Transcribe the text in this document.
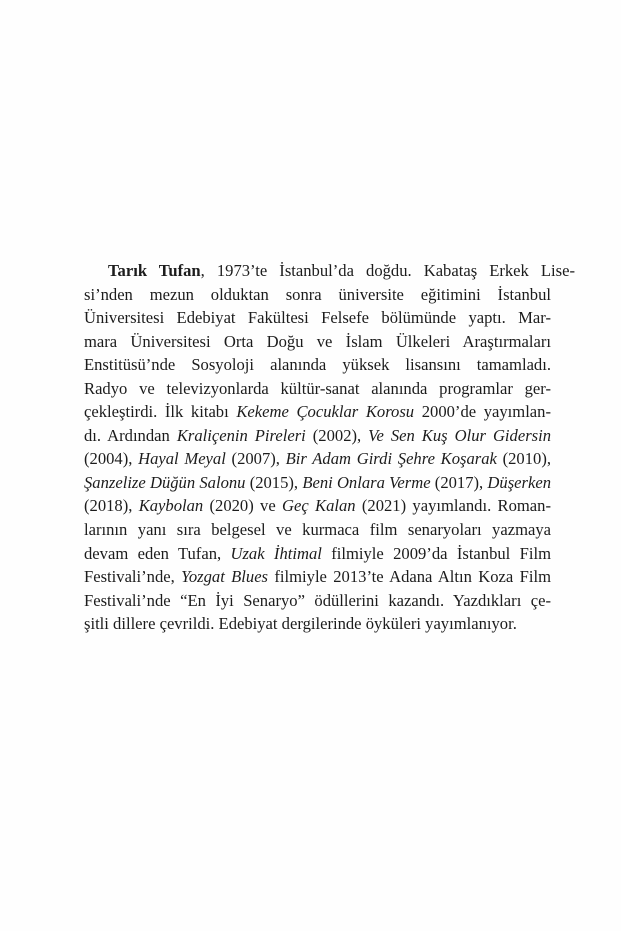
Tarık Tufan, 1973’te İstanbul’da doğdu. Kabataş Erkek Lise-
si’nden mezun olduktan sonra üniversite eğitimini İstanbul
Üniversitesi Edebiyat Fakültesi Felsefe bölümünde yaptı. Mar-
mara Üniversitesi Orta Doğu ve İslam Ülkeleri Araştırmaları
Enstitüsü’nde Sosyoloji alanında yüksek lisansını tamamladı.
Radyo ve televizyonlarda kültür-sanat alanında programlar ger-
çekleştirdi. İlk kitabı Kekeme Çocuklar Korosu 2000’de yayımlan-
dı. Ardından Kraliçenin Pireleri (2002), Ve Sen Kuş Olur Gidersin
(2004), Hayal Meyal (2007), Bir Adam Girdi Şehre Koşarak (2010),
Şanzelize Düğün Salonu (2015), Beni Onlara Verme (2017), Düşerken
(2018), Kaybolan (2020) ve Geç Kalan (2021) yayımlandı. Roman-
larının yanı sıra belgesel ve kurmaca film senaryoları yazmaya
devam eden Tufan, Uzak İhtimal filmiyle 2009’da İstanbul Film
Festivali’nde, Yozgat Blues filmiyle 2013’te Adana Altın Koza Film
Festivali’nde “En İyi Senaryo” ödüllerini kazandı. Yazdıkları çe-
şitli dillere çevrildi. Edebiyat dergilerinde öyküleri yayımlanıyor.
